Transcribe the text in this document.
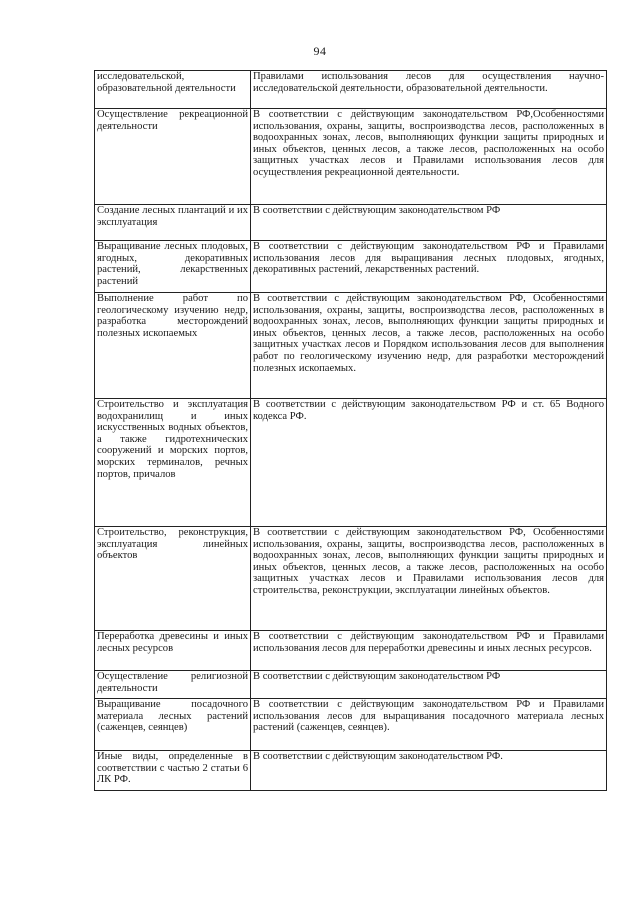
94
исследовательской, образовательной деятельности	Правилами использования лесов для осуществления научно-исследовательской деятельности, образовательной деятельности.

Осуществление рекреационной деятельности	В соответствии с действующим законодательством РФ,Особенностями использования, охраны, защиты, воспроизводства лесов, расположенных в водоохранных зонах, лесов, выполняющих функции защиты природных и иных объектов, ценных лесов, а также лесов, расположенных на особо защитных участках лесов и Правилами использования лесов для осуществления рекреационной деятельности.

Создание лесных плантаций и их эксплуатация	В соответствии с действующим законодательством РФ

Выращивание лесных плодовых, ягодных, декоративных растений, лекарственных растений	В соответствии с действующим законодательством РФ и Правилами использования лесов для выращивания лесных плодовых, ягодных, декоративных растений, лекарственных растений.

Выполнение работ по геологическому изучению недр, разработка месторождений полезных ископаемых	В соответствии с действующим законодательством РФ, Особенностями использования, охраны, защиты, воспроизводства лесов, расположенных в водоохранных зонах, лесов, выполняющих функции защиты природных и иных объектов, ценных лесов, а также лесов, расположенных на особо защитных участках лесов и Порядком использования лесов для выполнения работ по геологическому изучению недр, для разработки месторождений полезных ископаемых.

Строительство и эксплуатация водохранилищ и иных искусственных водных объектов, а также гидротехнических сооружений и морских портов, морских терминалов, речных портов, причалов	В соответствии с действующим законодательством РФ и ст. 65 Водного кодекса РФ.

Строительство, реконструкция, эксплуатация линейных объектов	В соответствии с действующим законодательством РФ, Особенностями использования, охраны, защиты, воспроизводства лесов, расположенных в водоохранных зонах, лесов, выполняющих функции защиты природных и иных объектов, ценных лесов, а также лесов, расположенных на особо защитных участках лесов и Правилами использования лесов для строительства, реконструкции, эксплуатации линейных объектов.

Переработка древесины и иных лесных ресурсов	В соответствии с действующим законодательством РФ и Правилами использования лесов для переработки древесины и иных лесных ресурсов.

Осуществление религиозной деятельности	В соответствии с действующим законодательством РФ

Выращивание посадочного материала лесных растений (саженцев, сеянцев)	В соответствии с действующим законодательством РФ и Правилами использования лесов для выращивания посадочного материала лесных растений (саженцев, сеянцев).

Иные виды, определенные в соответствии с частью 2 статьи 6 ЛК РФ.	В соответствии с действующим законодательством РФ.
